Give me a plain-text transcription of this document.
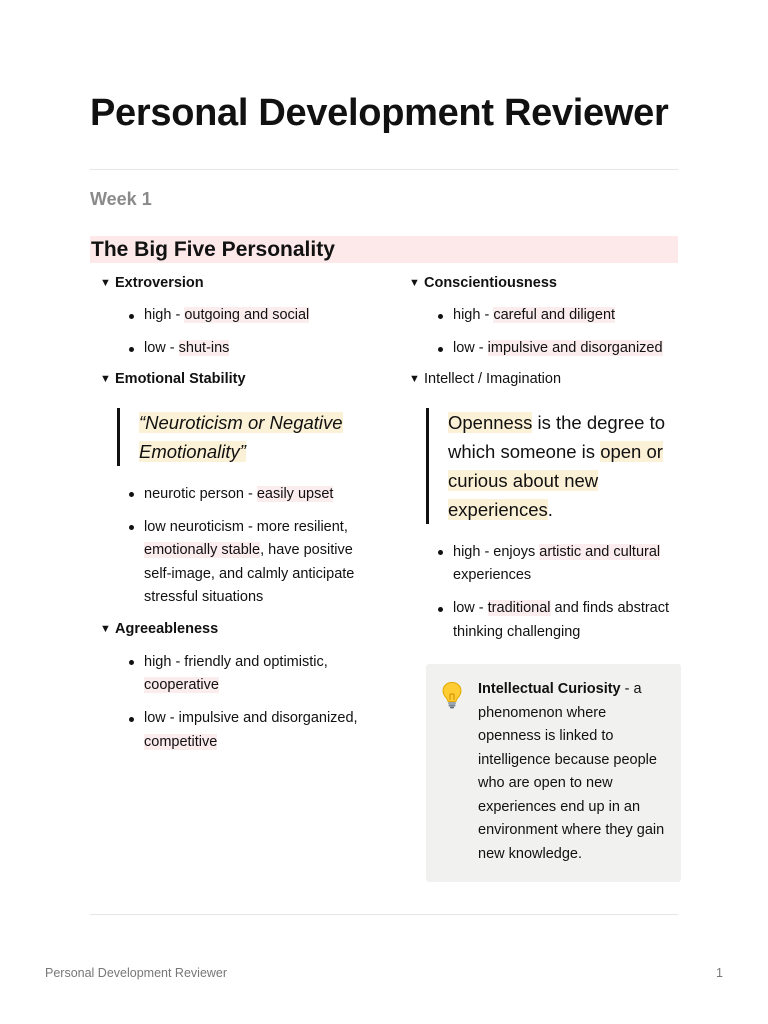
Personal Development Reviewer
Week 1
The Big Five Personality
▼ Extroversion
high - outgoing and social
low - shut-ins
▼ Emotional Stability
“Neuroticism or Negative Emotionality”
neurotic person - easily upset
low neuroticism - more resilient, emotionally stable, have positive self-image, and calmly anticipate stressful situations
▼ Agreeableness
high - friendly and optimistic, cooperative
low - impulsive and disorganized, competitive
▼ Conscientiousness
high - careful and diligent
low - impulsive and disorganized
▼ Intellect / Imagination
Openness is the degree to which someone is open or curious about new experiences.
high - enjoys artistic and cultural experiences
low - traditional and finds abstract thinking challenging
Intellectual Curiosity - a phenomenon where openness is linked to intelligence because people who are open to new experiences end up in an environment where they gain new knowledge.
Personal Development Reviewer	1
